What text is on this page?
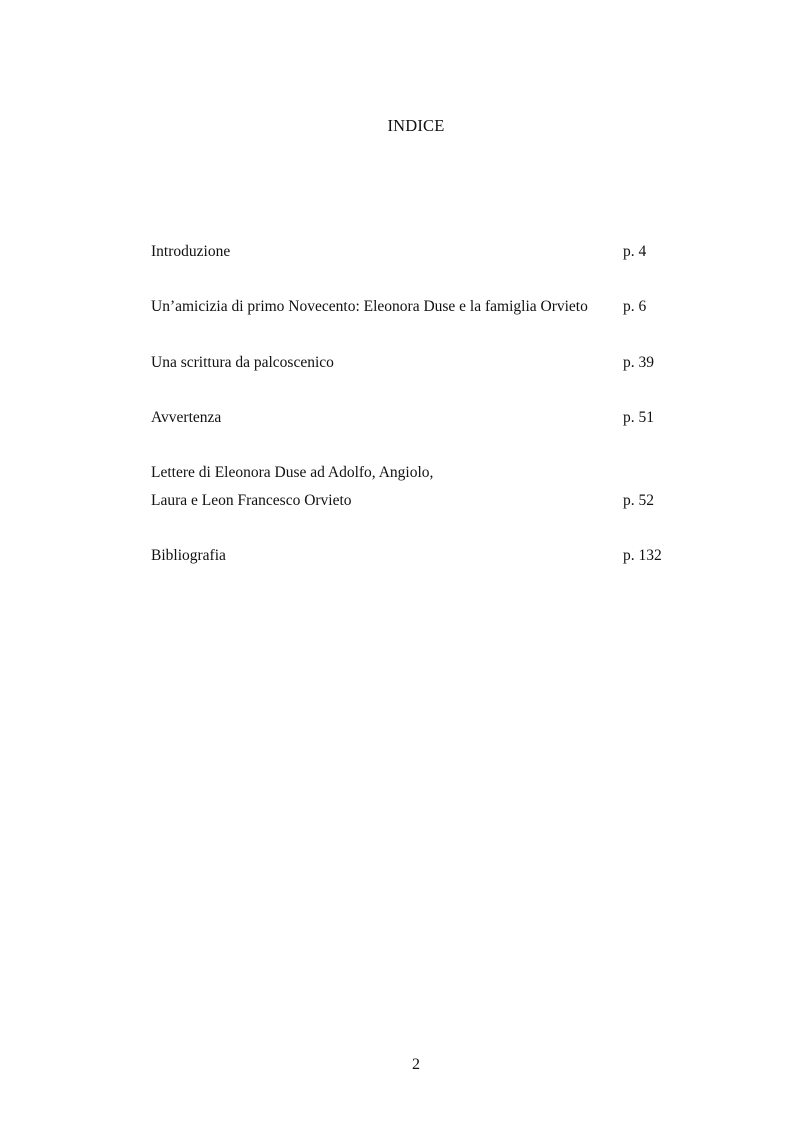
INDICE
Introduzione	p. 4
Un’amicizia di primo Novecento: Eleonora Duse e la famiglia Orvieto p. 6
Una scrittura da palcoscenico	p. 39
Avvertenza	p. 51
Lettere di Eleonora Duse ad Adolfo, Angiolo,
Laura e Leon Francesco Orvieto	p. 52
Bibliografia	p. 132
2
